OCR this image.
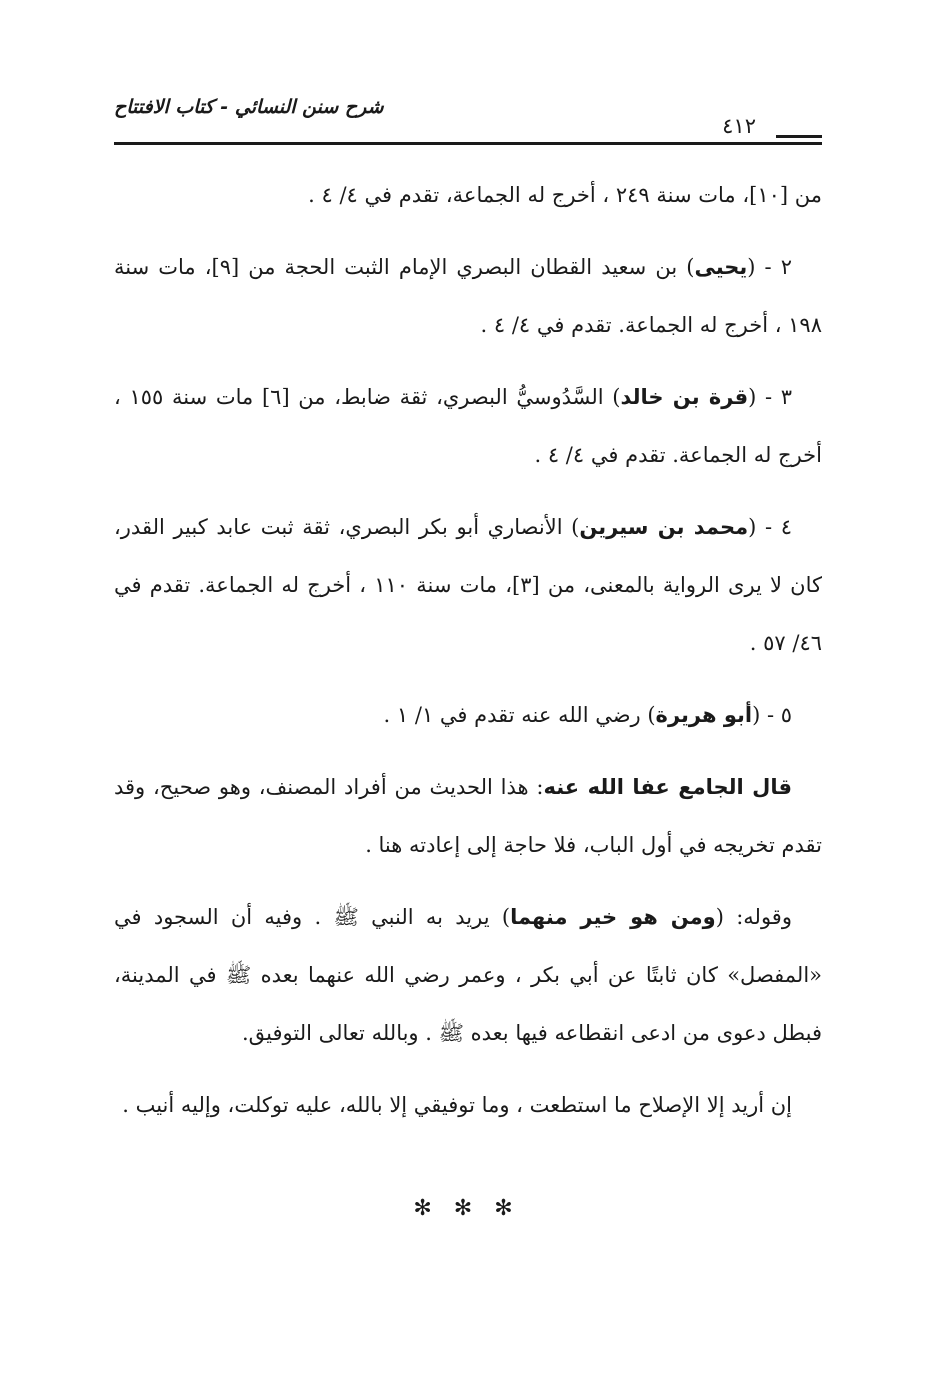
شرح سنن النسائي - كتاب الافتتاح
٤١٢

من [١٠]، مات سنة ٢٤٩ ، أخرج له الجماعة، تقدم في ٤/ ٤ .

٢ - (يحيى) بن سعيد القطان البصري الإمام الثبت الحجة من [٩]، مات سنة ١٩٨ ، أخرج له الجماعة. تقدم في ٤/ ٤ .

٣ - (قرة بن خالد) السَّدُوسيُّ البصري، ثقة ضابط، من [٦] مات سنة ١٥٥ ، أخرج له الجماعة. تقدم في ٤/ ٤ .

٤ - (محمد بن سيرين) الأنصاري أبو بكر البصري، ثقة ثبت عابد كبير القدر، كان لا يرى الرواية بالمعنى، من [٣]، مات سنة ١١٠ ، أخرج له الجماعة. تقدم في ٤٦/ ٥٧ .

٥ - (أبو هريرة) رضي الله عنه تقدم في ١/ ١ .

قال الجامع عفا الله عنه: هذا الحديث من أفراد المصنف، وهو صحيح، وقد تقدم تخريجه في أول الباب، فلا حاجة إلى إعادته هنا .

وقوله: (ومن هو خير منهما) يريد به النبي ﷺ . وفيه أن السجود في «المفصل» كان ثابتًا عن أبي بكر ، وعمر رضي الله عنهما بعده ﷺ في المدينة، فبطل دعوى من ادعى انقطاعه فيها بعده ﷺ . وبالله تعالى التوفيق.

إن أريد إلا الإصلاح ما استطعت ، وما توفيقي إلا بالله، عليه توكلت، وإليه أنيب .

✻✻✻
